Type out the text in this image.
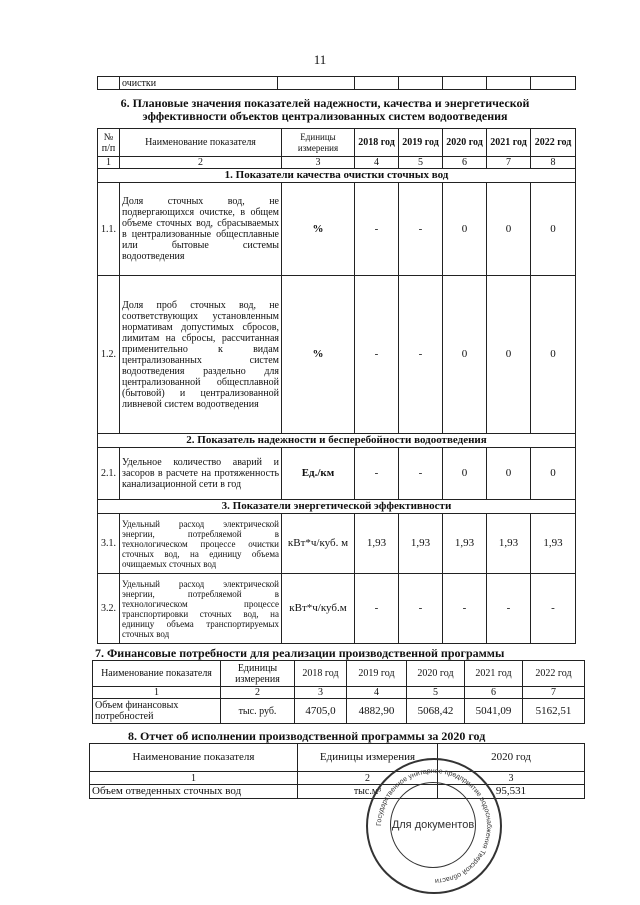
11
	очистки						
6. Плановые значения показателей надежности, качества и энергетической
эффективности объектов централизованных систем водоотведения
№ п/п	Наименование показателя	Единицы измерения	2018 год	2019 год	2020 год	2021 год	2022 год
1	2	3	4	5	6	7	8
1. Показатели качества очистки сточных вод							
1.1.	Доля сточных вод, не подвергающихся очистке, в общем объеме сточных вод, сбрасываемых в централизованные общесплавные или бытовые системы водоотведения	%	-	-	0	0	0
1.2.	Доля проб сточных вод, не соответствующих установленным нормативам допустимых сбросов, лимитам на сбросы, рассчитанная применительно к видам централизованных систем водоотведения раздельно для централизованной общесплавной (бытовой) и централизованной ливневой систем водоотведения	%	-	-	0	0	0
2. Показатель надежности и бесперебойности водоотведения							
2.1.	Удельное количество аварий и засоров в расчете на протяженность канализационной сети в год	Ед./км	-	-	0	0	0
3. Показатели энергетической эффективности							
3.1.	Удельный расход электрической энергии, потребляемой в технологическом процессе очистки сточных вод, на единицу объема очищаемых сточных вод	кВт*ч/куб. м	1,93	1,93	1,93	1,93	1,93
3.2.	Удельный расход электрической энергии, потребляемой в технологическом процессе транспортировки сточных вод, на единицу объема транспортируемых сточных вод	кВт*ч/куб.м	-	-	-	-	-
7. Финансовые потребности для реализации производственной программы
Наименование показателя	Единицы измерения	2018 год	2019 год	2020 год	2021 год	2022 год
1	2	3	4	5	6	7
Объем финансовых потребностей	тыс. руб.	4705,0	4882,90	5068,42	5041,09	5162,51
8. Отчет об исполнении производственной программы за 2020 год
Наименование показателя	Единицы измерения	2020 год
1	2	3
Объем отведенных сточных вод	тыс.м³	95,531
Государственное унитарное предприятие водоснабжения Тверской области
Для документов
